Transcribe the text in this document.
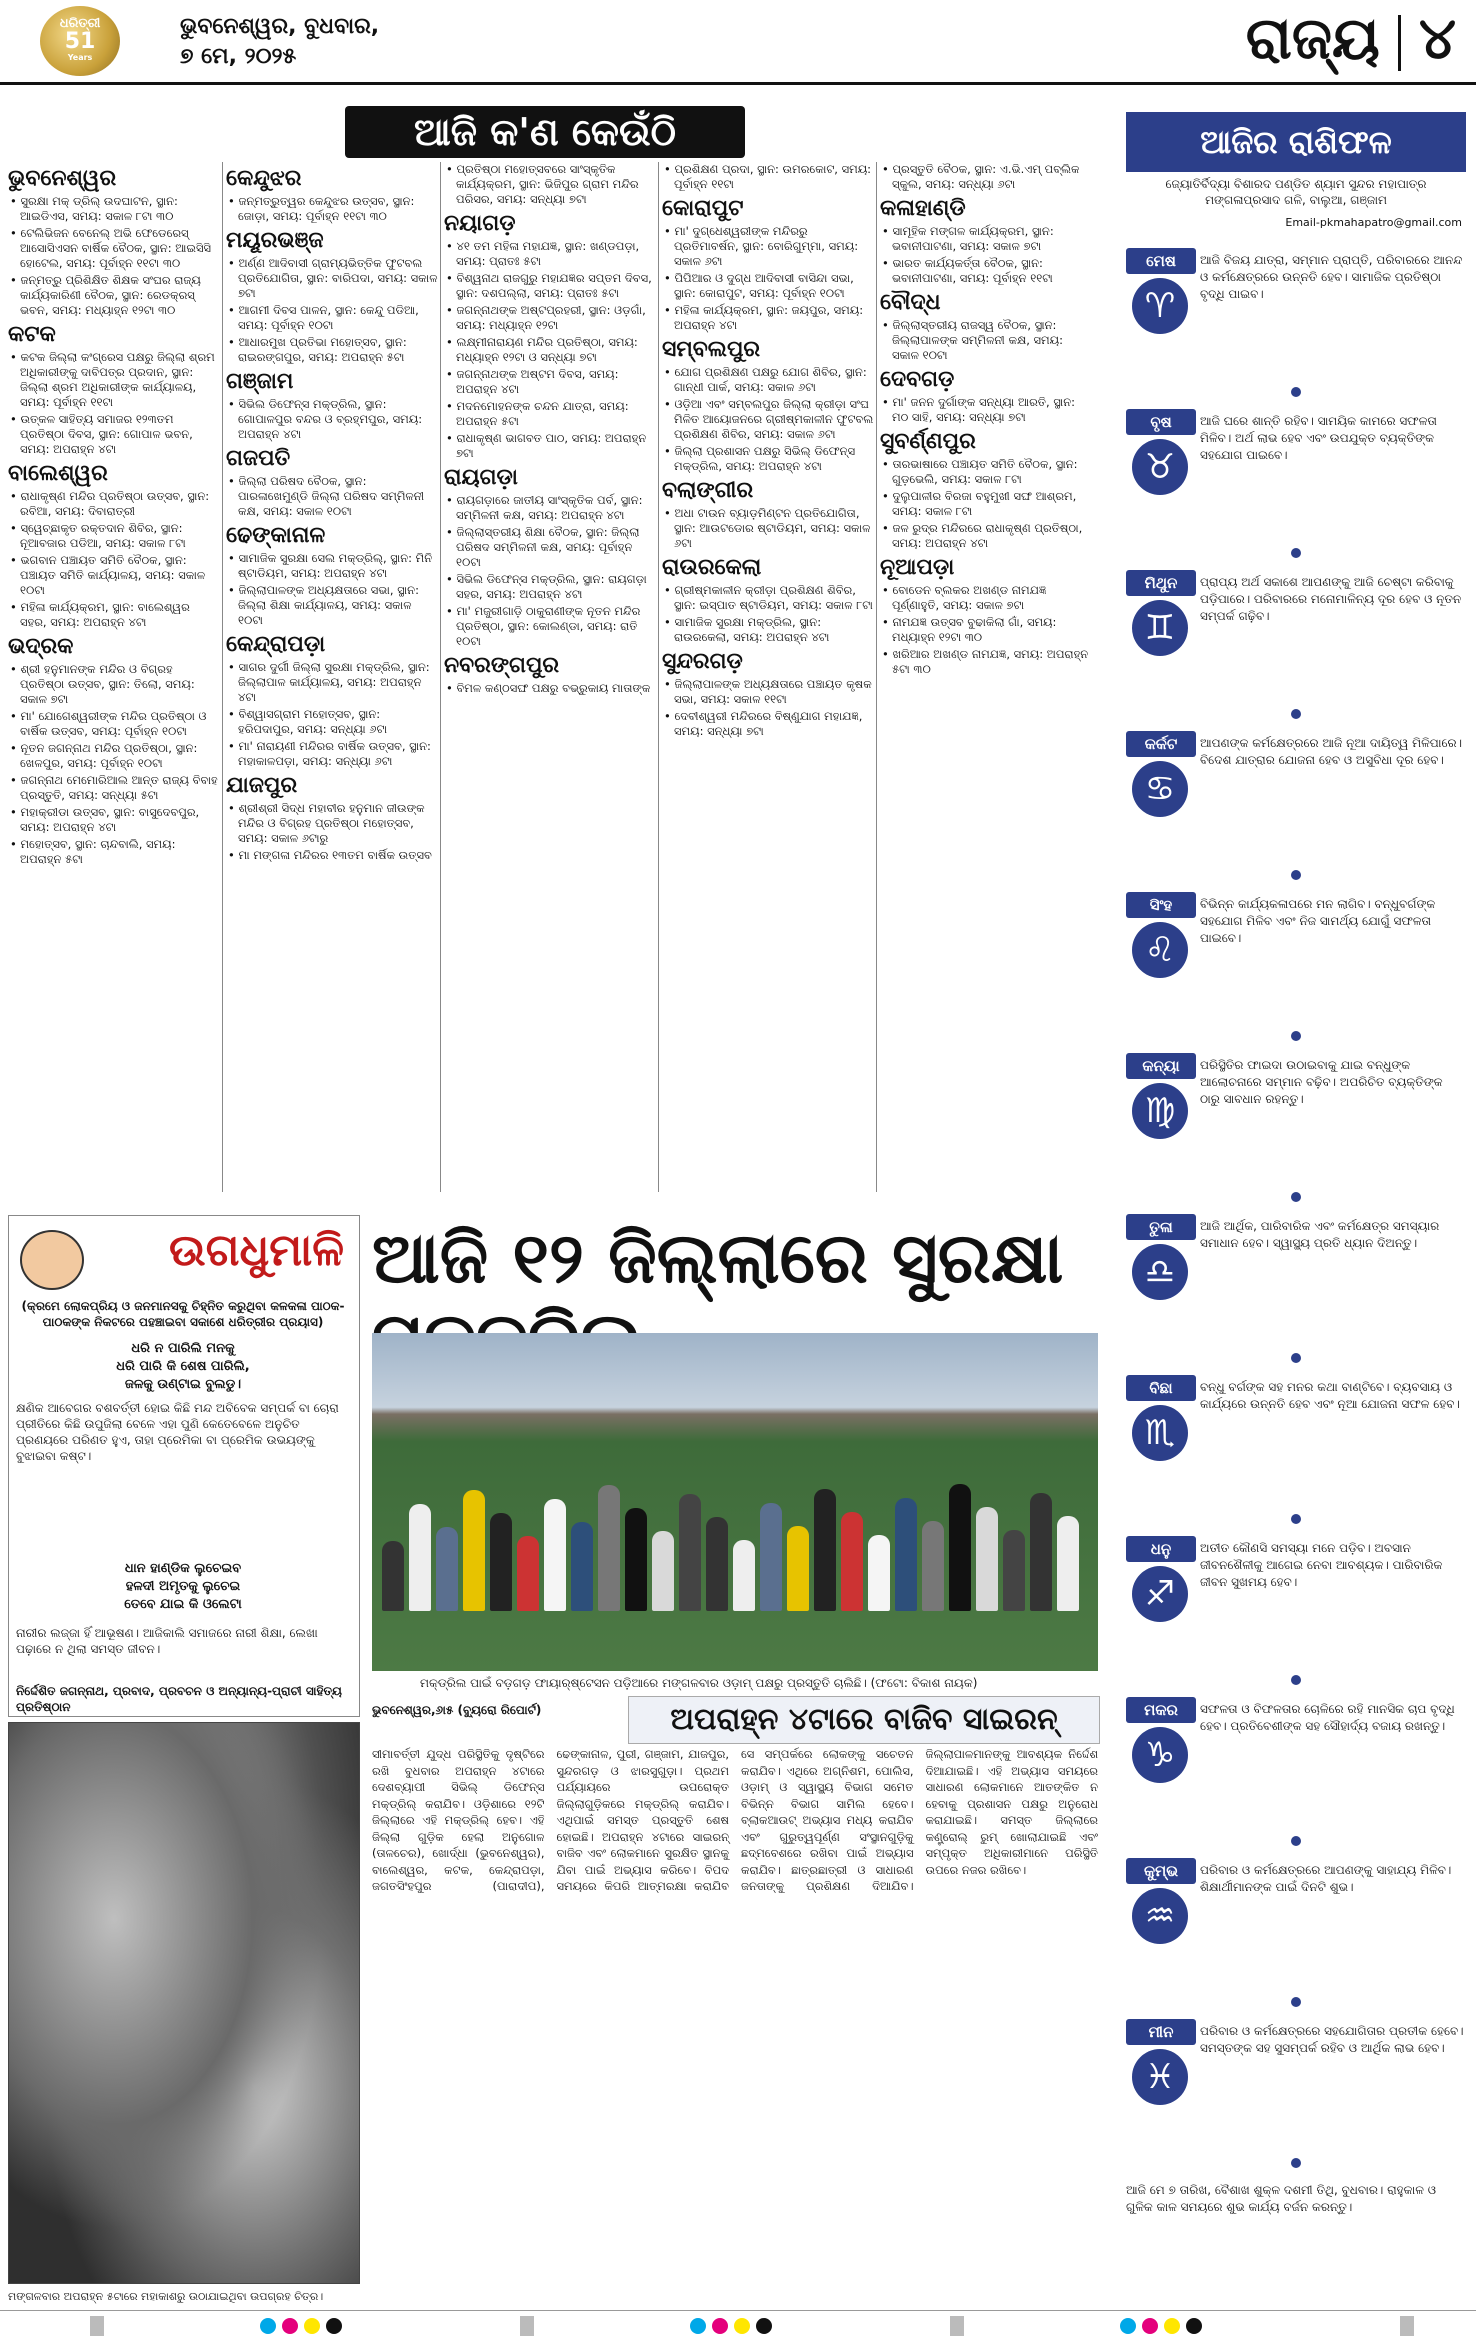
ଧରିତ୍ରୀ
51
Years
ଭୁବନେଶ୍ୱର, ବୁଧବାର,
୭ ମେ, ୨୦୨୫	ରାଜ୍ୟ ୪
ଆଜି କ'ଣ କେଉଁଠି
ଭୁବନେଶ୍ୱର
• ସୁରକ୍ଷା ମକ୍ ଡ୍ରିଲ୍ ଉଦଘାଟନ, ସ୍ଥାନ: ଆଇଡିଏସ, ସମୟ: ସକାଳ ୮ଟା ୩୦
• ଟେଲିଭିଜନ ବେନେଲ୍ ଅଭି ଫେଡେରେସ୍ ଆସୋସିଏସନ ବାର୍ଷିକ ବୈଠକ, ସ୍ଥାନ: ଆଇସିସି ହୋଟେଲ, ସମୟ: ପୂର୍ବାହ୍ନ ୧୧ଟା ୩୦
• ଜନ୍ମତ୍ରୁ ପ୍ରିଶିକ୍ଷିତ ଶିକ୍ଷକ ସଂଘର ରାଜ୍ୟ କାର୍ଯ୍ୟକାରିଣୀ ବୈଠକ, ସ୍ଥାନ: ରେଡକ୍ରସ୍ ଭବନ, ସମୟ: ମଧ୍ୟାହ୍ନ ୧୨ଟା ୩୦
କଟକ
• କଟକ ଜିଲ୍ଲା କଂଗ୍ରେସ ପକ୍ଷରୁ ଜିଲ୍ଲା ଶ୍ରମ ଅଧିକାରୀଙ୍କୁ ଦାବିପତ୍ର ପ୍ରଦାନ, ସ୍ଥାନ: ଜିଲ୍ଲା ଶ୍ରମ ଅଧିକାରୀଙ୍କ କାର୍ଯ୍ୟାଳୟ, ସମୟ: ପୂର୍ବାହ୍ନ ୧୧ଟା
• ଉତ୍କଳ ସାହିତ୍ୟ ସମାଜର ୧୨୩ତମ ପ୍ରତିଷ୍ଠା ଦିବସ, ସ୍ଥାନ: ଗୋପାଳ ଭବନ, ସମୟ: ଅପରାହ୍ନ ୪ଟା
ବାଲେଶ୍ୱର
• ରାଧାକୃଷ୍ଣ ମନ୍ଦିର ପ୍ରତିଷ୍ଠା ଉତ୍ସବ, ସ୍ଥାନ: ରବିଆ, ସମୟ: ଦିବାରାତ୍ରୀ
• ସ୍ୱେଚ୍ଛାକୃତ ରକ୍ତଦାନ ଶିବିର, ସ୍ଥାନ: ନୂଆବଜାର ପଡିଆ, ସମୟ: ସକାଳ ୮ଟା
• ଭଗବାନ ପଞ୍ଚାୟତ ସମିତି ବୈଠକ, ସ୍ଥାନ: ପଞ୍ଚାୟତ ସମିତି କାର୍ଯ୍ୟାଳୟ, ସମୟ: ସକାଳ ୧୦ଟା
• ମହିଳା କାର୍ଯ୍ୟକ୍ରମ, ସ୍ଥାନ: ବାଲେଶ୍ୱର ସହର, ସମୟ: ଅପରାହ୍ନ ୪ଟା
ଭଦ୍ରକ
• ଶ୍ରୀ ହନୁମାନଙ୍କ ମନ୍ଦିର ଓ ବିଗ୍ରହ ପ୍ରତିଷ୍ଠା ଉତ୍ସବ, ସ୍ଥାନ: ତିଲୋ, ସମୟ: ସକାଳ ୭ଟା
• ମା' ଯୋଗେଶ୍ୱରୀଙ୍କ ମନ୍ଦିର ପ୍ରତିଷ୍ଠା ଓ ବାର୍ଷିକ ଉତ୍ସବ, ସମୟ: ପୂର୍ବାହ୍ନ ୧୦ଟା
• ନୂତନ ଜଗନ୍ନାଥ ମନ୍ଦିର ପ୍ରତିଷ୍ଠା, ସ୍ଥାନ: ଖେଳପୁର, ସମୟ: ପୂର୍ବାହ୍ନ ୧୦ଟା
• ଜଗନ୍ନାଥ ମେମୋରିଆଲ ଆନ୍ତ ରାଜ୍ୟ ବିବାହ ପ୍ରସ୍ତୁତି, ସମୟ: ସନ୍ଧ୍ୟା ୫ଟା
• ମହାକ୍ରୀଡା ଉତ୍ସବ, ସ୍ଥାନ: ବାସୁଦେବପୁର, ସମୟ: ଅପରାହ୍ନ ୪ଟା
• ମହୋତ୍ସବ, ସ୍ଥାନ: ଚାନ୍ଦବାଲି, ସମୟ: ଅପରାହ୍ନ ୫ଟା
କେନ୍ଦୁଝର
• ଜନ୍ମତ୍ରୁତ୍ୱର କେନ୍ଦୁଝର ଉତ୍ସବ, ସ୍ଥାନ: ଜୋଡ଼ା, ସମୟ: ପୂର୍ବାହ୍ନ ୧୧ଟା ୩୦
ମୟୂରଭଞ୍ଜ
• ଅର୍ଣ୍ଣ ଆଦିବାସୀ ଗ୍ରାମ୍ୟଭିତ୍ତିକ ଫୁଟବଲ ପ୍ରତିଯୋଗିତା, ସ୍ଥାନ: ବାରିପଦା, ସମୟ: ସକାଳ ୭ଟା
• ଆଗମୀ ଦିବସ ପାଳନ, ସ୍ଥାନ: କେନ୍ଦୁ ପଡିଆ, ସମୟ: ପୂର୍ବାହ୍ନ ୧୦ଟା
• ଆଧାରମୁଖ ପ୍ରତିଭା ମହୋତ୍ସବ, ସ୍ଥାନ: ରାଇରଙ୍ଗପୁର, ସମୟ: ଅପରାହ୍ନ ୫ଟା
ଗଞ୍ଜାମ
• ସିଭିଲ ଡିଫେନ୍ସ ମକ୍‌ଡ୍ରିଲ, ସ୍ଥାନ: ଗୋପାଳପୁର ବନ୍ଦର ଓ ବ୍ରହ୍ମପୁର, ସମୟ: ଅପରାହ୍ନ ୪ଟା
ଗଜପତି
• ଜିଲ୍ଲା ପରିଷଦ ବୈଠକ, ସ୍ଥାନ: ପାରଳାଖେମୁଣ୍ଡି ଜିଲ୍ଲା ପରିଷଦ ସମ୍ମିଳନୀ କକ୍ଷ, ସମୟ: ସକାଳ ୧୦ଟା
ଢେଙ୍କାନାଳ
• ସାମାଜିକ ସୁରକ୍ଷା ସେଲ ମକ୍‌ଡ୍ରିଲ୍, ସ୍ଥାନ: ମିନି ଷ୍ଟାଡିୟମ, ସମୟ: ଅପରାହ୍ନ ୪ଟା
• ଜିଲ୍ଲାପାଳଙ୍କ ଅଧ୍ୟକ୍ଷତାରେ ସଭା, ସ୍ଥାନ: ଜିଲ୍ଲା ଶିକ୍ଷା କାର୍ଯ୍ୟାଳୟ, ସମୟ: ସକାଳ ୧୦ଟା
କେନ୍ଦ୍ରାପଡ଼ା
• ସାଗର ଦୁର୍ଗୀ ଜିଲ୍ଲା ସୁରକ୍ଷା ମକ୍‌ଡ୍ରିଲ, ସ୍ଥାନ: ଜିଲ୍ଲାପାଳ କାର୍ଯ୍ୟାଳୟ, ସମୟ: ଅପରାହ୍ନ ୪ଟା
• ବିଶ୍ୱାସଗ୍ରାମ ମହୋତ୍ସବ, ସ୍ଥାନ: ହରିପଦାପୁର, ସମୟ: ସନ୍ଧ୍ୟା ୬ଟା
• ମା' ନାରାୟଣୀ ମନ୍ଦିରର ବାର୍ଷିକ ଉତ୍ସବ, ସ୍ଥାନ: ମହାକାଳପଡ଼ା, ସମୟ: ସନ୍ଧ୍ୟା ୬ଟା
ଯାଜପୁର
• ଶ୍ରୀଶ୍ରୀ ସିଦ୍ଧ ମହାବୀର ହନୁମାନ ଜୀଉଙ୍କ ମନ୍ଦିର ଓ ବିଗ୍ରହ ପ୍ରତିଷ୍ଠା ମହୋତ୍ସବ, ସମୟ: ସକାଳ ୬ଟାରୁ
• ମା ମଙ୍ଗଳା ମନ୍ଦିରର ୧୩ତମ ବାର୍ଷିକ ଉତ୍ସବ
• ପ୍ରତିଷ୍ଠା ମହୋତ୍ସବରେ ସାଂସ୍କୃତିକ କାର୍ଯ୍ୟକ୍ରମ, ସ୍ଥାନ: ଭିଜିପୁର ଗ୍ରାମ ମନ୍ଦିର ପରିସର, ସମୟ: ସନ୍ଧ୍ୟା ୭ଟା
ନୟାଗଡ଼
• ୪୧ ତମ ମହିଳା ମହାଯଜ୍ଞ, ସ୍ଥାନ: ଖଣ୍ଡପଡ଼ା, ସମୟ: ପ୍ରାତଃ ୫ଟା
• ବିଶ୍ୱନାଥ ରାଜଗୁରୁ ମହାଯଜ୍ଞର ସପ୍ତମ ଦିବସ, ସ୍ଥାନ: ଦଶପଲ୍ଲା, ସମୟ: ପ୍ରାତଃ ୫ଟା
• ଜଗନ୍ନାଥଙ୍କ ଅଷ୍ଟପ୍ରହରୀ, ସ୍ଥାନ: ଓଡ଼ଗାଁ, ସମୟ: ମଧ୍ୟାହ୍ନ ୧୨ଟା
• ଲକ୍ଷ୍ମୀନାରାୟଣ ମନ୍ଦିର ପ୍ରତିଷ୍ଠା, ସମୟ: ମଧ୍ୟାହ୍ନ ୧୨ଟା ଓ ସନ୍ଧ୍ୟା ୭ଟା
• ଜଗନ୍ନାଥଙ୍କ ଅଷ୍ଟମ ଦିବସ, ସମୟ: ଅପରାହ୍ନ ୪ଟା
• ମଦନମୋହନଙ୍କ ଚନ୍ଦନ ଯାତ୍ରା, ସମୟ: ଅପରାହ୍ନ ୫ଟା
• ରାଧାକୃଷ୍ଣ ଭାଗବତ ପାଠ, ସମୟ: ଅପରାହ୍ନ ୭ଟା
ରାୟଗଡ଼ା
• ରାୟଗଡ଼ାରେ ଜାତୀୟ ସାଂସ୍କୃତିକ ପର୍ବ, ସ୍ଥାନ: ସମ୍ମିଳନୀ କକ୍ଷ, ସମୟ: ଅପରାହ୍ନ ୪ଟା
• ଜିଲ୍ଲାସ୍ତରୀୟ ଶିକ୍ଷା ବୈଠକ, ସ୍ଥାନ: ଜିଲ୍ଲା ପରିଷଦ ସମ୍ମିଳନୀ କକ୍ଷ, ସମୟ: ପୂର୍ବାହ୍ନ ୧୦ଟା
• ସିଭିଲ ଡିଫେନ୍ସ ମକ୍‌ଡ୍ରିଲ, ସ୍ଥାନ: ରାୟଗଡ଼ା ସହର, ସମୟ: ଅପରାହ୍ନ ୪ଟା
• ମା' ମଜୁରୀଗାଡ଼ି ଠାକୁରାଣୀଙ୍କ ନୂତନ ମନ୍ଦିର ପ୍ରତିଷ୍ଠା, ସ୍ଥାନ: କୋଲଣ୍ଡା, ସମୟ: ରାତି ୧୦ଟା
ନବରଙ୍ଗପୁର
• ବିମଳ କଣ୍ଠସଙ୍ଘ ପକ୍ଷରୁ ବଭ୍ରୁକାୟ ମାତାଙ୍କ
• ପ୍ରଶିକ୍ଷଣ ପ୍ରଦା, ସ୍ଥାନ: ଉମରକୋଟ, ସମୟ: ପୂର୍ବାହ୍ନ ୧୧ଟା
କୋରାପୁଟ
• ମା' ଦୁଗ୍ଧେଶ୍ୱରୀଙ୍କ ମନ୍ଦିରରୁ ପ୍ରତିମାବର୍ଷନ, ସ୍ଥାନ: ବୋରିଗୁମ୍ମା, ସମୟ: ସକାଳ ୬ଟା
• ପିପିଆର ଓ ଦୁଗ୍ଧ ଆଦିବାସୀ ବାସିନ୍ଦା ସଭା, ସ୍ଥାନ: କୋରାପୁଟ, ସମୟ: ପୂର୍ବାହ୍ନ ୧୦ଟା
• ମହିଳା କାର୍ଯ୍ୟକ୍ରମ, ସ୍ଥାନ: ଜୟପୁର, ସମୟ: ଅପରାହ୍ନ ୪ଟା
ସମ୍ବଲପୁର
• ଯୋଗ ପ୍ରଶିକ୍ଷଣ ପକ୍ଷରୁ ଯୋଗ ଶିବିର, ସ୍ଥାନ: ଗାନ୍ଧୀ ପାର୍କ, ସମୟ: ସକାଳ ୬ଟା
• ଓଡ଼ିଆ ଏବଂ ସମ୍ବଲପୁର ଜିଲ୍ଲା କ୍ରୀଡ଼ା ସଂଘ ମିଳିତ ଆୟୋଜନରେ ଗ୍ରୀଷ୍ମକାଳୀନ ଫୁଟବଲ ପ୍ରଶିକ୍ଷଣ ଶିବିର, ସମୟ: ସକାଳ ୬ଟା
• ଜିଲ୍ଲା ପ୍ରଶାସନ ପକ୍ଷରୁ ସିଭିଲ୍ ଡିଫେନ୍ସ ମକ୍‌ଡ୍ରିଲ, ସମୟ: ଅପରାହ୍ନ ୪ଟା
ବଲାଙ୍ଗୀର
• ଅଧା ଟାଉନ ବ୍ୟାଡ଼ମିଣ୍ଟନ ପ୍ରତିଯୋଗିତା, ସ୍ଥାନ: ଆଉଟଡୋର ଷ୍ଟାଡିୟମ, ସମୟ: ସକାଳ ୬ଟା
ରାଉରକେଲା
• ଗ୍ରୀଷ୍ମକାଳୀନ କ୍ରୀଡ଼ା ପ୍ରଶିକ୍ଷଣ ଶିବିର, ସ୍ଥାନ: ଇସ୍ପାତ ଷ୍ଟାଡିୟମ, ସମୟ: ସକାଳ ୮ଟା
• ସାମାଜିକ ସୁରକ୍ଷା ମକ୍‌ଡ୍ରିଲ, ସ୍ଥାନ: ରାଉରକେଲା, ସମୟ: ଅପରାହ୍ନ ୪ଟା
ସୁନ୍ଦରଗଡ଼
• ଜିଲ୍ଲାପାଳଙ୍କ ଅଧ୍ୟକ୍ଷତାରେ ପଞ୍ଚାୟତ କୃଷକ ସଭା, ସମୟ: ସକାଳ ୧୧ଟା
• ଦେବୀଶ୍ୱରୀ ମନ୍ଦିରରେ ବିଷ୍ଣୁଯାଗ ମହାଯଜ୍ଞ, ସମୟ: ସନ୍ଧ୍ୟା ୭ଟା
• ପ୍ରସ୍ତୁତି ବୈଠକ, ସ୍ଥାନ: ଏ.ଭି.ଏମ୍ ପବ୍ଲିକ ସ୍କୁଲ, ସମୟ: ସନ୍ଧ୍ୟା ୬ଟା
କଳାହାଣ୍ଡି
• ସାମୂହିକ ମଙ୍ଗଳ କାର୍ଯ୍ୟକ୍ରମ, ସ୍ଥାନ: ଭବାନୀପାଟଣା, ସମୟ: ସକାଳ ୭ଟା
• ଭାରତ କାର୍ଯ୍ୟକର୍ତ୍ତା ବୈଠକ, ସ୍ଥାନ: ଭବାନୀପାଟଣା, ସମୟ: ପୂର୍ବାହ୍ନ ୧୧ଟା
ବୌଦ୍ଧ
• ଜିଲ୍ଲାସ୍ତରୀୟ ରାଜସ୍ୱ ବୈଠକ, ସ୍ଥାନ: ଜିଲ୍ଲାପାଳଙ୍କ ସମ୍ମିଳନୀ କକ୍ଷ, ସମୟ: ସକାଳ ୧୦ଟା
ଦେବଗଡ଼
• ମା' ଜନନ ଦୁର୍ଗାଙ୍କ ସନ୍ଧ୍ୟା ଆରତି, ସ୍ଥାନ: ମଠ ସାହି, ସମୟ: ସନ୍ଧ୍ୟା ୭ଟା
ସୁବର୍ଣ୍ଣପୁର
• ତାରଭାଷାରେ ପଞ୍ଚାୟତ ସମିତି ବୈଠକ, ସ୍ଥାନ: ଗୁଡ଼ଭେଲି, ସମୟ: ସକାଳ ୮ଟା
• ଦୁଲୁପାଳୀର ବିରଜା ବହୁମୁଖୀ ସଙ୍ଘ ଆଶ୍ରମ, ସମୟ: ସକାଳ ୮ଟା
• ଜଳ ରୁଦ୍ର ମନ୍ଦିରରେ ରାଧାକୃଷ୍ଣ ପ୍ରତିଷ୍ଠା, ସମୟ: ଅପରାହ୍ନ ୪ଟା
ନୂଆପଡ଼ା
• ବୋଡେନ ବ୍ଲକର ଅଖଣ୍ଡ ନାମଯଜ୍ଞ ପୂର୍ଣ୍ଣାହୁତି, ସମୟ: ସକାଳ ୭ଟା
• ନାମଯଜ୍ଞ ଉତ୍ସବ ବୁଢାକିଲା ଗାଁ, ସମୟ: ମଧ୍ୟାହ୍ନ ୧୨ଟା ୩୦
• ଖରିଆର ଅଖଣ୍ଡ ନାମଯଜ୍ଞ, ସମୟ: ଅପରାହ୍ନ ୫ଟା ୩୦
ଆଜିର ରାଶିଫଳ
ଜ୍ୟୋତିର୍ବିଦ୍ୟା ବିଶାରଦ ପଣ୍ଡିତ ଶ୍ୟାମ ସୁନ୍ଦର ମହାପାତ୍ର
ମଙ୍ଗଳାପ୍ରସାଦ ଗଳି, ବାଲୁଆ, ଗଞ୍ଜାମ
Email-pkmahapatro@gmail.com
ମେଷ
♈
ଆଜି ବିଜୟ ଯାତ୍ରା, ସମ୍ମାନ ପ୍ରାପ୍ତି, ପରିବାରରେ ଆନନ୍ଦ ଓ କର୍ମକ୍ଷେତ୍ରରେ ଉନ୍ନତି ହେବ। ସାମାଜିକ ପ୍ରତିଷ୍ଠା ବୃଦ୍ଧି ପାଇବ।
ବୃଷ
♉
ଆଜି ଘରେ ଶାନ୍ତି ରହିବ। ସାମୟିକ କାମରେ ସଫଳତା ମିଳିବ। ଅର୍ଥ ଲାଭ ହେବ ଏବଂ ଉପଯୁକ୍ତ ବ୍ୟକ୍ତିଙ୍କ ସହଯୋଗ ପାଇବେ।
ମିଥୁନ
♊
ପ୍ରାପ୍ୟ ଅର୍ଥ ସକାଶେ ଆପଣଙ୍କୁ ଆଜି ଚେଷ୍ଟା କରିବାକୁ ପଡ଼ିପାରେ। ପରିବାରରେ ମନୋମାଳିନ୍ୟ ଦୂର ହେବ ଓ ନୂତନ ସମ୍ପର୍କ ଗଢ଼ିବ।
କର୍କଟ
♋
ଆପଣଙ୍କ କର୍ମକ୍ଷେତ୍ରରେ ଆଜି ନୂଆ ଦାୟିତ୍ୱ ମିଳିପାରେ। ବିଦେଶ ଯାତ୍ରାର ଯୋଜନା ହେବ ଓ ଅସୁବିଧା ଦୂର ହେବ।
ସିଂହ
♌
ବିଭିନ୍ନ କାର୍ଯ୍ୟକଳାପରେ ମନ ଲାଗିବ। ବନ୍ଧୁବର୍ଗଙ୍କ ସହଯୋଗ ମିଳିବ ଏବଂ ନିଜ ସାମର୍ଥ୍ୟ ଯୋଗୁଁ ସଫଳତା ପାଇବେ।
କନ୍ୟା
♍
ପରିସ୍ଥିତିର ଫାଇଦା ଉଠାଇବାକୁ ଯାଇ ବନ୍ଧୁଙ୍କ ଆଲୋଚନାରେ ସମ୍ମାନ ବଢ଼ିବ। ଅପରିଚିତ ବ୍ୟକ୍ତିଙ୍କ ଠାରୁ ସାବଧାନ ରହନ୍ତୁ।
ତୁଳା
♎
ଆଜି ଆର୍ଥିକ, ପାରିବାରିକ ଏବଂ କର୍ମକ୍ଷେତ୍ର ସମସ୍ୟାର ସମାଧାନ ହେବ। ସ୍ୱାସ୍ଥ୍ୟ ପ୍ରତି ଧ୍ୟାନ ଦିଅନ୍ତୁ।
ବିଛା
♏
ବନ୍ଧୁ ବର୍ଗଙ୍କ ସହ ମନର କଥା ବାଣ୍ଟିବେ। ବ୍ୟବସାୟ ଓ କାର୍ଯ୍ୟରେ ଉନ୍ନତି ହେବ ଏବଂ ନୂଆ ଯୋଜନା ସଫଳ ହେବ।
ଧନୁ
♐
ଅତୀତ କୌଣସି ସମସ୍ୟା ମନେ ପଡ଼ିବ। ଅବସାନ ଜୀବନଶୈଳୀକୁ ଆଗେଇ ନେବା ଆବଶ୍ୟକ। ପାରିବାରିକ ଜୀବନ ସୁଖମୟ ହେବ।
ମକର
♑
ସଫଳତା ଓ ବିଫଳତାର ଚୋଳିରେ ରହି ମାନସିକ ଚାପ ବୃଦ୍ଧି ହେବ। ପ୍ରତିବେଶୀଙ୍କ ସହ ସୌହାର୍ଦ୍ୟ ବଜାୟ ରଖନ୍ତୁ।
କୁମ୍ଭ
♒
ପରିବାର ଓ କର୍ମକ୍ଷେତ୍ରରେ ଆପଣଙ୍କୁ ସାହାଯ୍ୟ ମିଳିବ। ଶିକ୍ଷାର୍ଥୀମାନଙ୍କ ପାଇଁ ଦିନଟି ଶୁଭ।
ମୀନ
♓
ପରିବାର ଓ କର୍ମକ୍ଷେତ୍ରରେ ସହଯୋଗିତାର ପ୍ରତୀକ ହେବେ। ସମସ୍ତଙ୍କ ସହ ସୁସମ୍ପର୍କ ରହିବ ଓ ଆର୍ଥିକ ଲାଭ ହେବ।
ଆଜି ମେ ୭ ତାରିଖ, ବୈଶାଖ ଶୁକ୍ଳ ଦଶମୀ ତିଥି, ବୁଧବାର। ରାହୁକାଳ ଓ ଗୁଳିକ କାଳ ସମୟରେ ଶୁଭ କାର୍ଯ୍ୟ ବର୍ଜନ କରନ୍ତୁ।
ଉଗଧୁମାଳି
(କ୍ରମେ ଲୋକପ୍ରିୟ ଓ ଜନମାନସକୁ ଚିହ୍ନିତ କରୁଥିବା କଳକଳା ପାଠକ-ପାଠକଙ୍କ ନିକଟରେ ପହଞ୍ଚାଇବା ସକାଶେ ଧରିତ୍ରୀର ପ୍ରୟାସ)
ଧରି ନ ପାରିଲି ମନକୁ
ଧରି ପାରି କି ଶେଷ ପାରିଲି,
ଜଳକୁ ଉଣ୍ଟାଇ ବୁଲଡୁ।
କ୍ଷଣିକ ଆବେଗର ବଶବର୍ତ୍ତୀ ହୋଇ କିଛି ମନ୍ଦ ଅବିବେକ ସମ୍ପର୍କ ବା ଚୋରା ପ୍ରୀତିରେ କିଛି ଉପୁଜିଲା ବେଳେ ଏହା ପୁଣି କେତେବେଳେ ଅନୁଚିତ ପ୍ରଣୟରେ ପରିଣତ ହୁଏ, ତାହା ପ୍ରେମିକା ବା ପ୍ରେମିକ ଉଭୟଙ୍କୁ ବୁଝାଇବା କଷ୍ଟ।
ଧାନ ହାଣ୍ଡିକ ଲୁଚେଇବ
ହଳଦୀ ଅମୃତକୁ ଲୁଚେଇ
ତେବେ ଯାଇ କି ଓଲେଟା
ନାରୀର ଲଜ୍ଜା ହିଁ ଆଭୂଷଣ। ଆଜିକାଲି ସମାଜରେ ନାରୀ ଶିକ୍ଷା, ଲେଖା ପଢ଼ାରେ ନ ଥିଲା ସମସ୍ତ ଜୀବନ।
ନିର୍ଦ୍ଦେଶିତ ଜଗନ୍ନାଥ, ପ୍ରବାଦ, ପ୍ରବଚନ ଓ ଅନ୍ୟାନ୍ୟ-ପ୍ରାଚୀ ସାହିତ୍ୟ ପ୍ରତିଷ୍ଠାନ
ମଙ୍ଗଳବାର ଅପରାହ୍ନ ୫ଟାରେ ମହାକାଶରୁ ଉଠାଯାଇଥିବା ଉପଗ୍ରହ ଚିତ୍ର।
ଆଜି ୧୨ ଜିଲ୍ଲାରେ ସୁରକ୍ଷା
ମକ୍‌ଡ୍ରିଲ ପାଇଁ ବଡ଼ଗଡ଼ ଫାୟାର୍‌ଷ୍ଟେସନ ପଡ଼ିଆରେ ମଙ୍ଗଳବାର ଓଡ଼ାମ୍‌ ପକ୍ଷରୁ ପ୍ରସ୍ତୁତି ଚାଲିଛି। (ଫଟୋ: ବିକାଶ ନାୟକ)
ଭୁବନେଶ୍ୱର,୬ା୫ (ବ୍ୟୁରୋ ରିପୋର୍ଟ)	ଅପରାହ୍ନ ୪ଟାରେ ବାଜିବ ସାଇରନ୍
ସୀମାବର୍ତ୍ତୀ ଯୁଦ୍ଧ ପରିସ୍ଥିତିକୁ ଦୃଷ୍ଟିରେ ରଖି ବୁଧବାର ଅପରାହ୍ନ ୪ଟାରେ ଦେଶବ୍ୟାପୀ ସିଭିଲ୍ ଡିଫେନ୍ସ ମକ୍‌ଡ୍ରିଲ୍ କରାଯିବ। ଓଡ଼ିଶାରେ ୧୨ଟି ଜିଲ୍ଲାରେ ଏହି ମକ୍‌ଡ୍ରିଲ୍ ହେବ। ଏହି ଜିଲ୍ଲା ଗୁଡ଼ିକ ହେଲା ଅନୁଗୋଳ (ତାଳଚେର), ଖୋର୍ଦ୍ଧା (ଭୁବନେଶ୍ୱର), ବାଲେଶ୍ୱର, କଟକ, କେନ୍ଦ୍ରାପଡ଼ା, ଜଗତସିଂହପୁର (ପାରାଦୀପ), ଢେଙ୍କାନାଳ, ପୁରୀ, ଗଞ୍ଜାମ, ଯାଜପୁର, ସୁନ୍ଦରଗଡ଼ ଓ ଝାରସୁଗୁଡ଼ା। ପ୍ରଥମ ପର୍ଯ୍ୟାୟରେ ଉପରୋକ୍ତ ଜିଲ୍ଲାଗୁଡ଼ିକରେ ମକ୍‌ଡ୍ରିଲ୍ କରାଯିବ। ଏଥିପାଇଁ ସମସ୍ତ ପ୍ରସ୍ତୁତି ଶେଷ ହୋଇଛି। ଅପରାହ୍ନ ୪ଟାରେ ସାଇରନ୍ ବାଜିବ ଏବଂ ଲୋକମାନେ ସୁରକ୍ଷିତ ସ୍ଥାନକୁ ଯିବା ପାଇଁ ଅଭ୍ୟାସ କରିବେ। ବିପଦ ସମୟରେ କିପରି ଆତ୍ମରକ୍ଷା କରାଯିବ ସେ ସମ୍ପର୍କରେ ଲୋକଙ୍କୁ ସଚେତନ କରାଯିବ। ଏଥିରେ ଅଗ୍ନିଶମ, ପୋଲିସ, ଓଡ଼ାମ୍ ଓ ସ୍ୱାସ୍ଥ୍ୟ ବିଭାଗ ସମେତ ବିଭିନ୍ନ ବିଭାଗ ସାମିଲ ହେବେ। ବ୍ଲାକଆଉଟ୍ ଅଭ୍ୟାସ ମଧ୍ୟ କରାଯିବ ଏବଂ ଗୁରୁତ୍ୱପୂର୍ଣ୍ଣ ସଂସ୍ଥାନଗୁଡ଼ିକୁ ଛଦ୍ମବେଶରେ ରଖିବା ପାଇଁ ଅଭ୍ୟାସ କରାଯିବ। ଛାତ୍ରଛାତ୍ରୀ ଓ ସାଧାରଣ ଜନତାଙ୍କୁ ପ୍ରଶିକ୍ଷଣ ଦିଆଯିବ। ଜିଲ୍ଲାପାଳମାନଙ୍କୁ ଆବଶ୍ୟକ ନିର୍ଦ୍ଦେଶ ଦିଆଯାଇଛି। ଏହି ଅଭ୍ୟାସ ସମୟରେ ସାଧାରଣ ଲୋକମାନେ ଆତଙ୍କିତ ନ ହେବାକୁ ପ୍ରଶାସନ ପକ୍ଷରୁ ଅନୁରୋଧ କରାଯାଇଛି। ସମସ୍ତ ଜିଲ୍ଲାରେ କଣ୍ଟ୍ରୋଲ୍ ରୁମ୍ ଖୋଲାଯାଇଛି ଏବଂ ସମ୍ପୃକ୍ତ ଅଧିକାରୀମାନେ ପରିସ୍ଥିତି ଉପରେ ନଜର ରଖିବେ।
